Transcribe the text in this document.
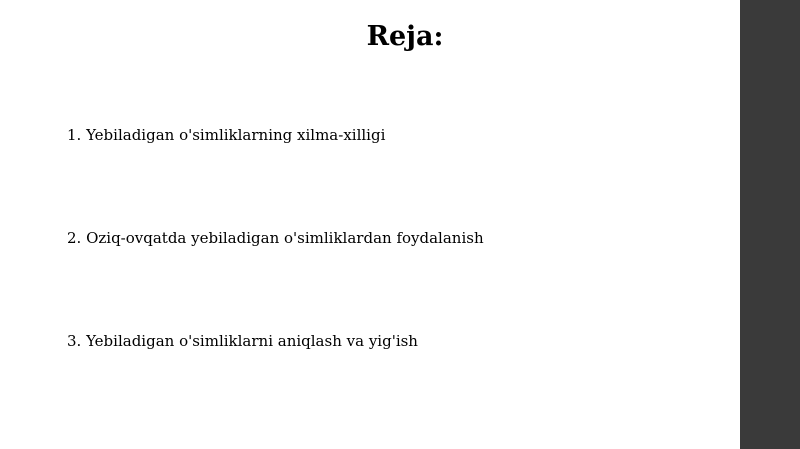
Reja:
1. Yebiladigan o'simliklarning xilma-xilligi
2. Oziq-ovqatda yebiladigan o'simliklardan foydalanish
3. Yebiladigan o'simliklarni aniqlash va yig'ish
